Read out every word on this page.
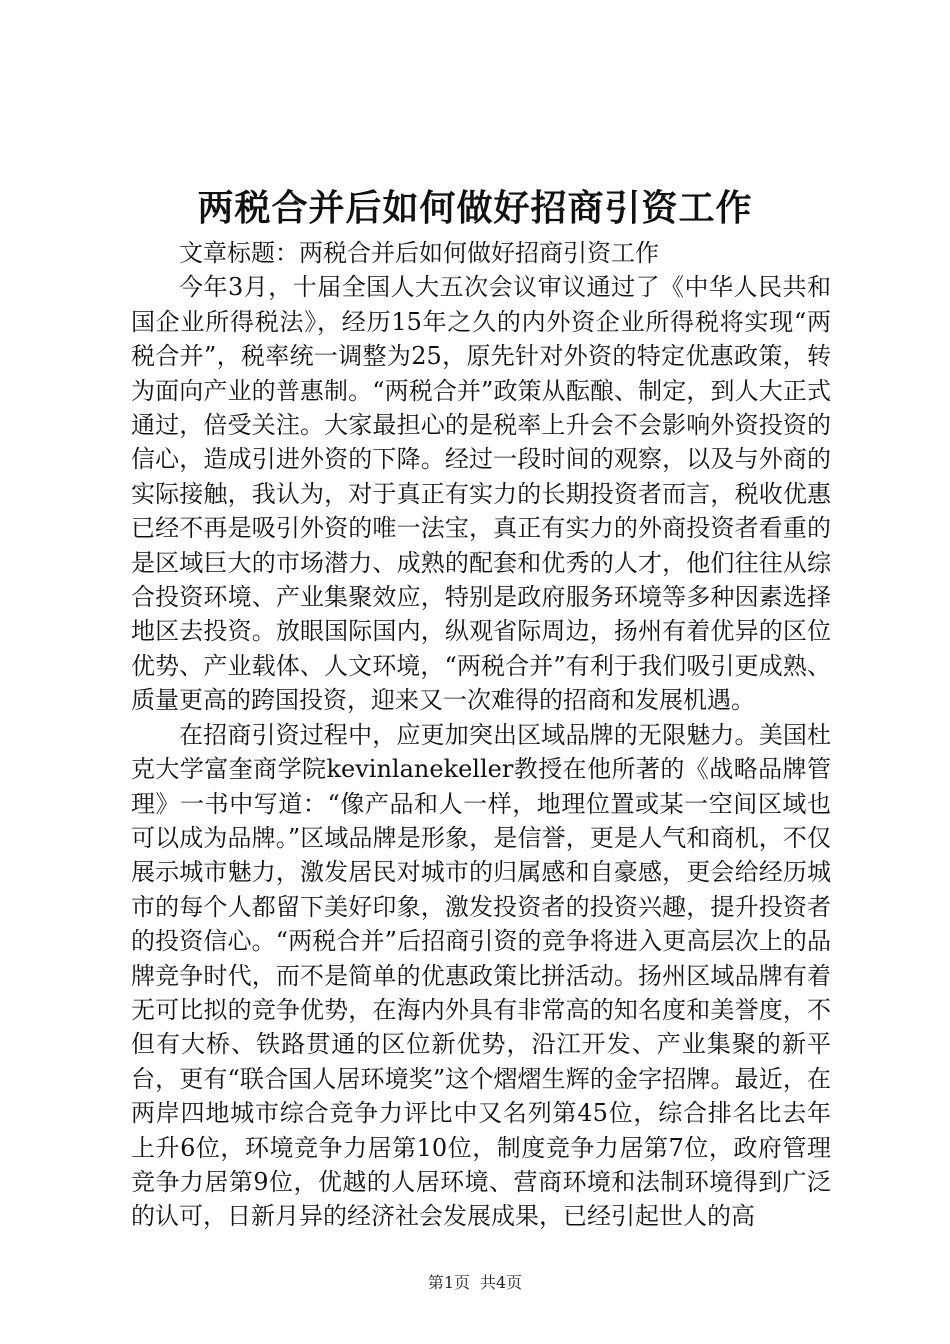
两税合并后如何做好招商引资工作

文章标题：两税合并后如何做好招商引资工作

今年3月，十届全国人大五次会议审议通过了《中华人民共和国企业所得税法》，经历15年之久的内外资企业所得税将实现“两税合并”，税率统一调整为25，原先针对外资的特定优惠政策，转为面向产业的普惠制。“两税合并”政策从酝酿、制定，到人大正式通过，倍受关注。大家最担心的是税率上升会不会影响外资投资的信心，造成引进外资的下降。经过一段时间的观察，以及与外商的实际接触，我认为，对于真正有实力的长期投资者而言，税收优惠已经不再是吸引外资的唯一法宝，真正有实力的外商投资者看重的是区域巨大的市场潜力、成熟的配套和优秀的人才，他们往往从综合投资环境、产业集聚效应，特别是政府服务环境等多种因素选择地区去投资。放眼国际国内，纵观省际周边，扬州有着优异的区位优势、产业载体、人文环境，“两税合并”有利于我们吸引更成熟、质量更高的跨国投资，迎来又一次难得的招商和发展机遇。

在招商引资过程中，应更加突出区域品牌的无限魅力。美国杜克大学富奎商学院kevinlanekeller教授在他所著的《战略品牌管理》一书中写道：“像产品和人一样，地理位置或某一空间区域也可以成为品牌。”区域品牌是形象，是信誉，更是人气和商机，不仅展示城市魅力，激发居民对城市的归属感和自豪感，更会给经历城市的每个人都留下美好印象，激发投资者的投资兴趣，提升投资者的投资信心。“两税合并”后招商引资的竞争将进入更高层次上的品牌竞争时代，而不是简单的优惠政策比拼活动。扬州区域品牌有着无可比拟的竞争优势，在海内外具有非常高的知名度和美誉度，不但有大桥、铁路贯通的区位新优势，沿江开发、产业集聚的新平台，更有“联合国人居环境奖”这个熠熠生辉的金字招牌。最近，在两岸四地城市综合竞争力评比中又名列第45位，综合排名比去年上升6位，环境竞争力居第10位，制度竞争力居第7位，政府管理竞争力居第9位，优越的人居环境、营商环境和法制环境得到广泛的认可，日新月异的经济社会发展成果，已经引起世人的高

第1页 共4页
